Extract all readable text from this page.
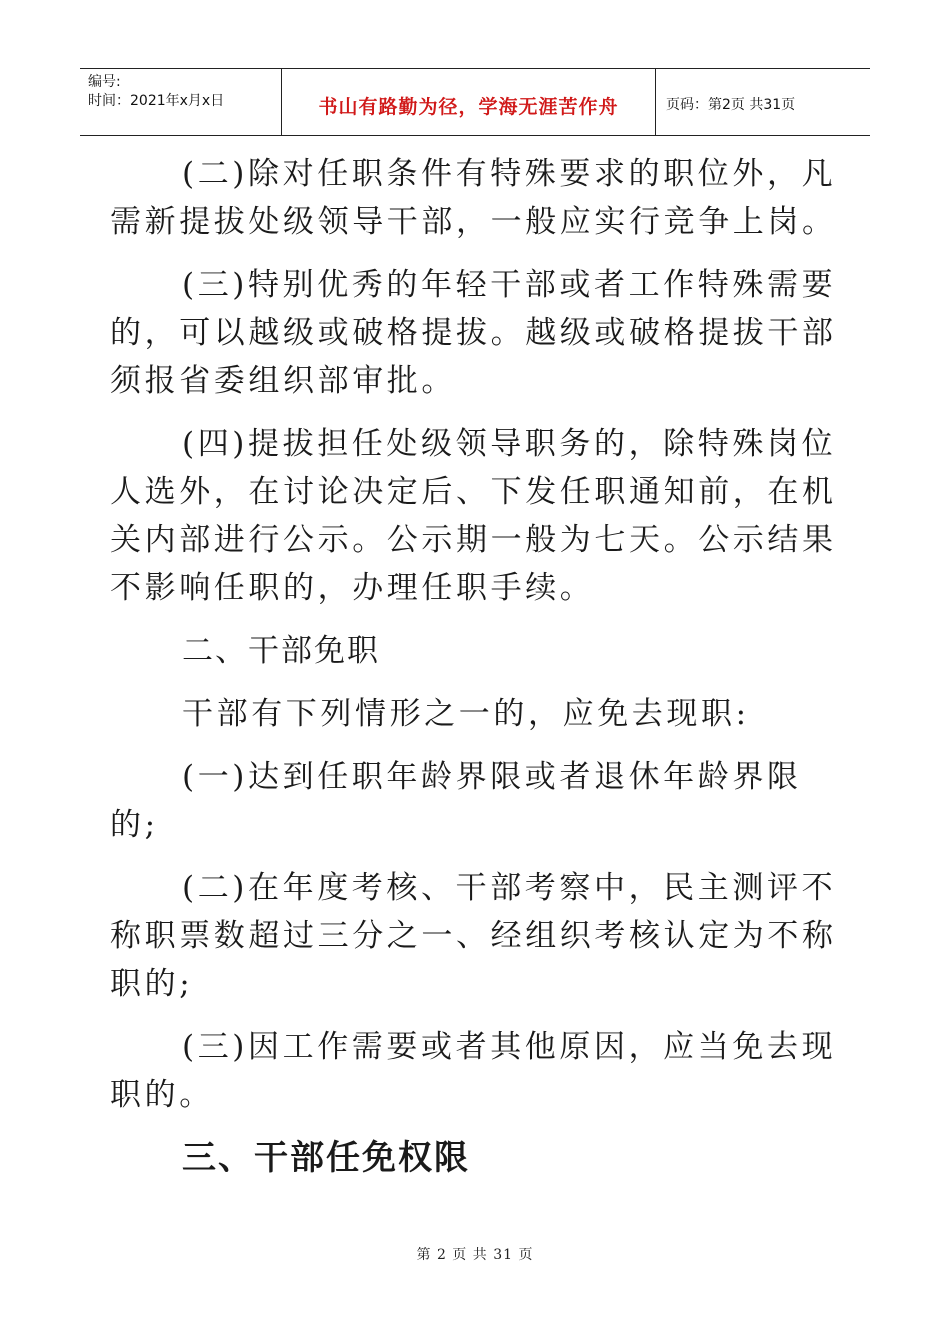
编号:
时间：2021年x月x日	书山有路勤为径，学海无涯苦作舟	页码：第2页 共31页

(二)除对任职条件有特殊要求的职位外，凡需新提拔处级领导干部，一般应实行竞争上岗。

(三)特别优秀的年轻干部或者工作特殊需要的，可以越级或破格提拔。越级或破格提拔干部须报省委组织部审批。

(四)提拔担任处级领导职务的，除特殊岗位人选外，在讨论决定后、下发任职通知前，在机关内部进行公示。公示期一般为七天。公示结果不影响任职的，办理任职手续。

二、干部免职

干部有下列情形之一的，应免去现职:

(一)达到任职年龄界限或者退休年龄界限的;

(二)在年度考核、干部考察中，民主测评不称职票数超过三分之一、经组织考核认定为不称职的;

(三)因工作需要或者其他原因，应当免去现职的。

三、干部任免权限

第 2 页 共 31 页
